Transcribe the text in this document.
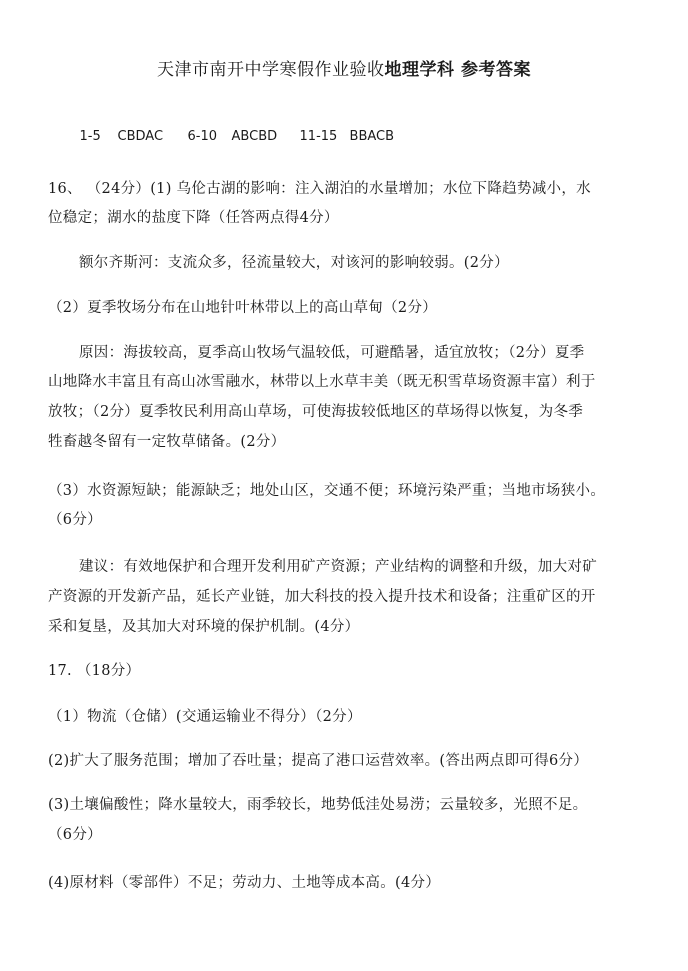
天津市南开中学寒假作业验收地理学科 参考答案

1-5 CBDAC 6-10 ABCBD 11-15 BBACB

16、 （24分）(1) 乌伦古湖的影响：注入湖泊的水量增加；水位下降趋势减小，水
位稳定；湖水的盐度下降（任答两点得4分）
额尔齐斯河：支流众多，径流量较大，对该河的影响较弱。(2分）
（2）夏季牧场分布在山地针叶林带以上的高山草甸（2分）
原因：海拔较高，夏季高山牧场气温较低，可避酷暑，适宜放牧；（2分）夏季
山地降水丰富且有高山冰雪融水，林带以上水草丰美（既无积雪草场资源丰富）利于
放牧；（2分）夏季牧民利用高山草场，可使海拔较低地区的草场得以恢复，为冬季
牲畜越冬留有一定牧草储备。(2分）
（3）水资源短缺；能源缺乏；地处山区，交通不便；环境污染严重；当地市场狭小。
（6分）
建议：有效地保护和合理开发利用矿产资源；产业结构的调整和升级，加大对矿
产资源的开发新产品，延长产业链，加大科技的投入提升技术和设备；注重矿区的开
采和复垦，及其加大对环境的保护机制。(4分）
17. （18分）
（1）物流（仓储）(交通运输业不得分）（2分）
(2)扩大了服务范围；增加了吞吐量；提高了港口运营效率。(答出两点即可得6分）
(3)土壤偏酸性；降水量较大，雨季较长，地势低洼处易涝；云量较多，光照不足。
（6分）
(4)原材料（零部件）不足；劳动力、土地等成本高。(4分）
